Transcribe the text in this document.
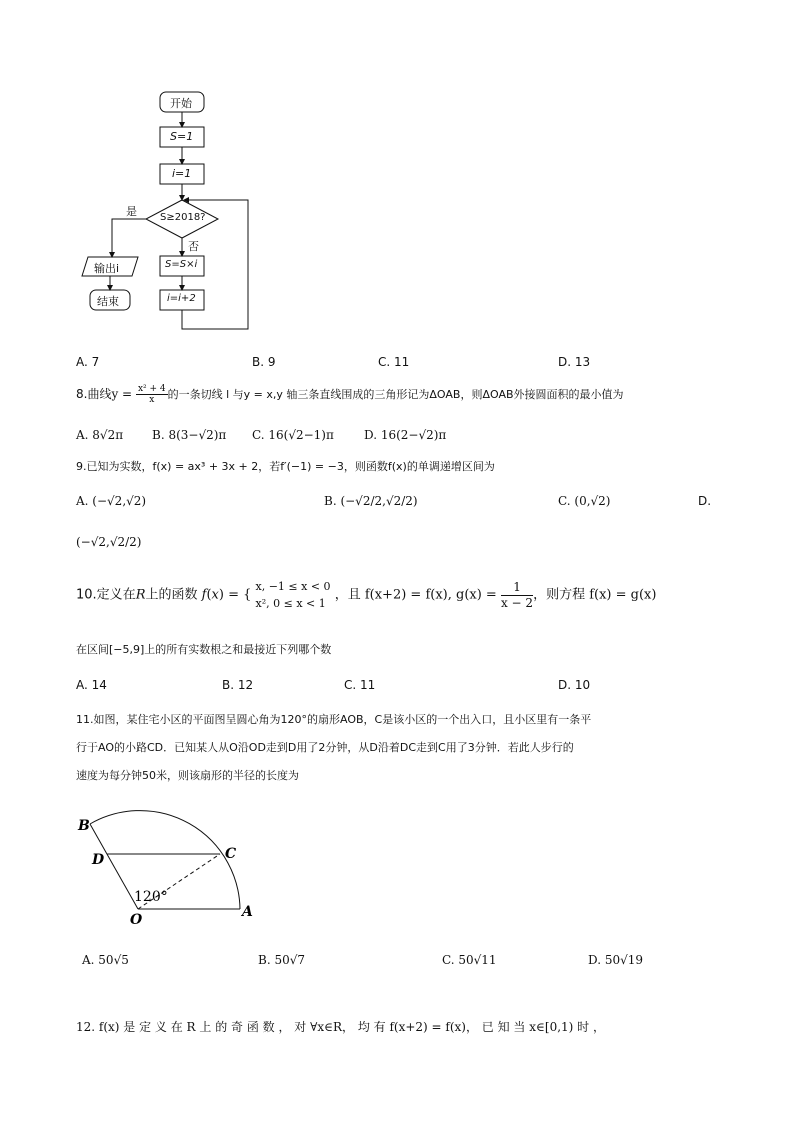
开始
S=1
i=1
S≥2018?
是
否
S=S×i
i=i+2
输出i
结束
A. 7	B. 9	C. 11	D. 13
8.曲线$y = \frac{\text{x² + 4}}{x}$ 的一条切线 l 与y = x,y 轴三条直线围成的三角形记为ΔOAB，则ΔOAB外接圆面积的最小值为
A. 8√2π B. 8(3−√2)π C. 16(√2−1)π	D. 16(2−√2)π
9.已知为实数，f(x) = ax³ + 3x + 2，若f′(−1) = −3，则函数f(x)的单调递增区间为
A. (−√2,√2)	B. (−√2/2,√2/2)	C. (0,√2)	D.
(−√2,√2/2)
10.定义在R上的函数 f(x) = {
x, −1 ≤ x < 0
x², 0 ≤ x < 1
，且 f(x+2) = f(x), $g(x) = \frac{1}{x - 2}$ ，则方程 f(x) = g(x)
在区间[−5,9]上的所有实数根之和最接近下列哪个数
A. 14	B. 12	C. 11	D. 10
11.如图，某住宅小区的平面图呈圆心角为120°的扇形AOB，C是该小区的一个出入口，且小区里有一条平
行于AO的小路CD．已知某人从O沿OD走到D用了2分钟，从D沿着DC走到C用了3分钟．若此人步行的
速度为每分钟50米，则该扇形的半径的长度为
B
D	C
O	A
120°
A. 50√5	B. 50√7	C. 50√11	D. 50√19
12. f(x) 是 定 义 在 R 上 的 奇 函 数 ， 对 ∀x∈R， 均 有 f(x+2) = f(x)， 已 知 当 x∈[0,1) 时 ，
